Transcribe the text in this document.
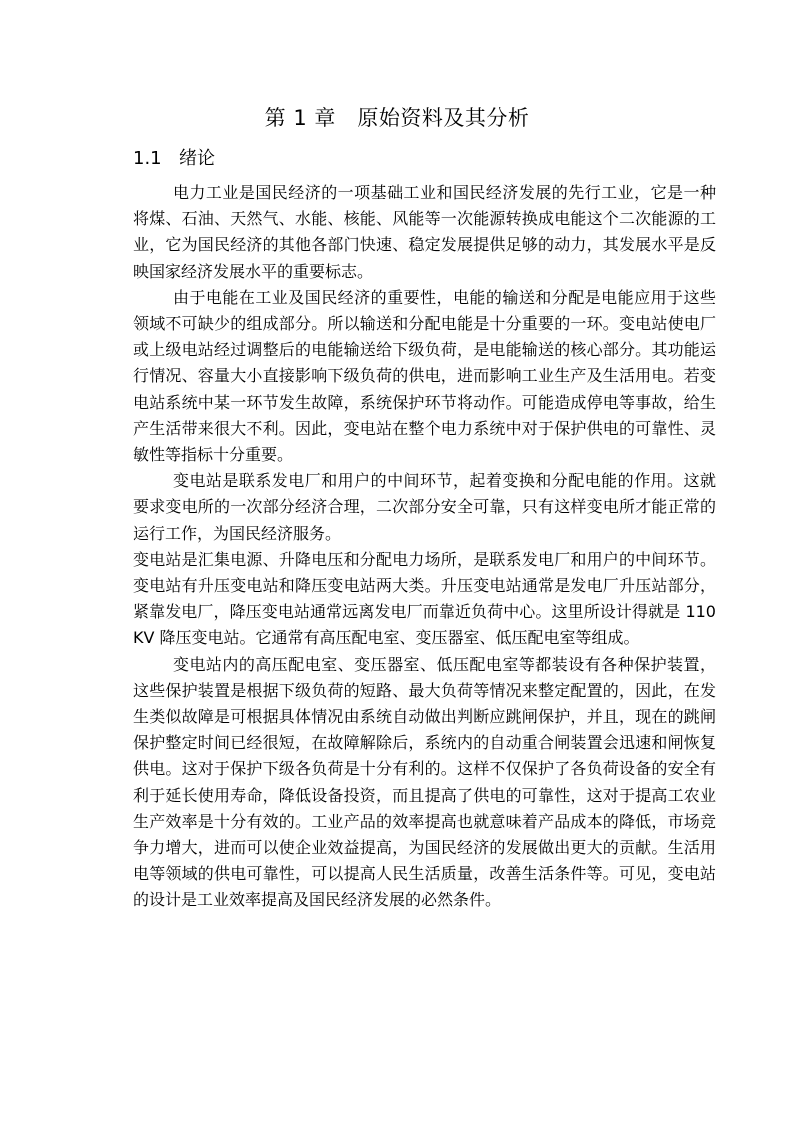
第 1 章　原始资料及其分析
1.1 绪论

电力工业是国民经济的一项基础工业和国民经济发展的先行工业，它是一种将煤、石油、天然气、水能、核能、风能等一次能源转换成电能这个二次能源的工业，它为国民经济的其他各部门快速、稳定发展提供足够的动力，其发展水平是反映国家经济发展水平的重要标志。

由于电能在工业及国民经济的重要性，电能的输送和分配是电能应用于这些领域不可缺少的组成部分。所以输送和分配电能是十分重要的一环。变电站使电厂或上级电站经过调整后的电能输送给下级负荷，是电能输送的核心部分。其功能运行情况、容量大小直接影响下级负荷的供电，进而影响工业生产及生活用电。若变电站系统中某一环节发生故障，系统保护环节将动作。可能造成停电等事故，给生产生活带来很大不利。因此，变电站在整个电力系统中对于保护供电的可靠性、灵敏性等指标十分重要。

变电站是联系发电厂和用户的中间环节，起着变换和分配电能的作用。这就要求变电所的一次部分经济合理，二次部分安全可靠，只有这样变电所才能正常的运行工作，为国民经济服务。

变电站是汇集电源、升降电压和分配电力场所，是联系发电厂和用户的中间环节。变电站有升压变电站和降压变电站两大类。升压变电站通常是发电厂升压站部分，紧靠发电厂，降压变电站通常远离发电厂而靠近负荷中心。这里所设计得就是 110KV 降压变电站。它通常有高压配电室、变压器室、低压配电室等组成。

变电站内的高压配电室、变压器室、低压配电室等都装设有各种保护装置，这些保护装置是根据下级负荷的短路、最大负荷等情况来整定配置的，因此，在发生类似故障是可根据具体情况由系统自动做出判断应跳闸保护，并且，现在的跳闸保护整定时间已经很短，在故障解除后，系统内的自动重合闸装置会迅速和闸恢复供电。这对于保护下级各负荷是十分有利的。这样不仅保护了各负荷设备的安全有利于延长使用寿命，降低设备投资，而且提高了供电的可靠性，这对于提高工农业生产效率是十分有效的。工业产品的效率提高也就意味着产品成本的降低，市场竞争力增大，进而可以使企业效益提高，为国民经济的发展做出更大的贡献。生活用电等领域的供电可靠性，可以提高人民生活质量，改善生活条件等。可见，变电站的设计是工业效率提高及国民经济发展的必然条件。
